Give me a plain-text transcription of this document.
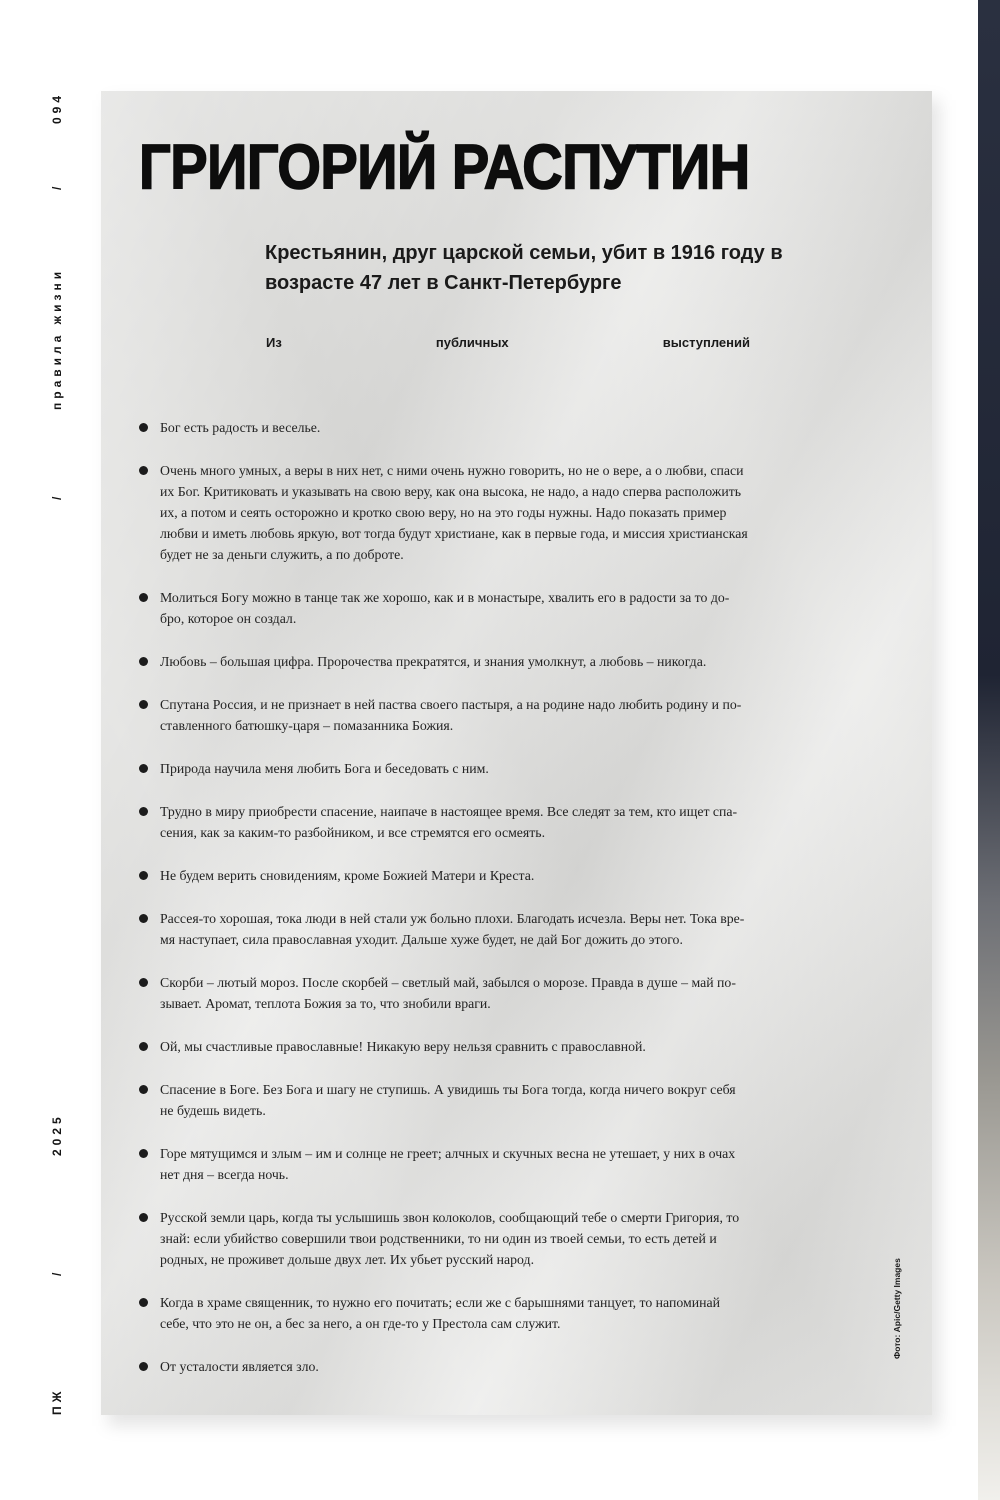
094
/
правила жизни
/
2025
/
ПЖ
ГРИГОРИЙ РАСПУТИН

Крестьянин, друг царской семьи, убит в 1916 году в возрасте 47 лет в Санкт-Петербурге

Из	публичных	выступлений
Бог есть радость и веселье.
Очень много умных, а веры в них нет, с ними очень нужно говорить, но не о вере, а о любви, спаси их Бог. Критиковать и указывать на свою веру, как она высока, не надо, а надо сперва расположить их, а потом и сеять осторожно и кротко свою веру, но на это годы нужны. Надо показать пример любви и иметь любовь яркую, вот тогда будут христиане, как в первые года, и миссия христианская будет не за деньги служить, а по доброте.
Молиться Богу можно в танце так же хорошо, как и в монастыре, хвалить его в радости за то до-бро, которое он создал.
Любовь – большая цифра. Пророчества прекратятся, и знания умолкнут, а любовь – никогда.
Спутана Россия, и не признает в ней паства своего пастыря, а на родине надо любить родину и по-ставленного батюшку-царя – помазанника Божия.
Природа научила меня любить Бога и беседовать с ним.
Трудно в миру приобрести спасение, наипаче в настоящее время. Все следят за тем, кто ищет спа-сения, как за каким-то разбойником, и все стремятся его осмеять.
Не будем верить сновидениям, кроме Божией Матери и Креста.
Рассея-то хорошая, тока люди в ней стали уж больно плохи. Благодать исчезла. Веры нет. Тока вре-мя наступает, сила православная уходит. Дальше хуже будет, не дай Бог дожить до этого.
Скорби – лютый мороз. После скорбей – светлый май, забылся о морозе. Правда в душе – май по-зывает. Аромат, теплота Божия за то, что знобили враги.
Ой, мы счастливые православные! Никакую веру нельзя сравнить с православной.
Спасение в Боге. Без Бога и шагу не ступишь. А увидишь ты Бога тогда, когда ничего вокруг себя не будешь видеть.
Горе мятущимся и злым – им и солнце не греет; алчных и скучных весна не утешает, у них в очах нет дня – всегда ночь.
Русской земли царь, когда ты услышишь звон колоколов, сообщающий тебе о смерти Григория, то знай: если убийство совершили твои родственники, то ни один из твоей семьи, то есть детей и родных, не проживет дольше двух лет. Их убьет русский народ.
Когда в храме священник, то нужно его почитать; если же с барышнями танцует, то напоминай себе, что это не он, а бес за него, а он где-то у Престола сам служит.
От усталости является зло.
Фото: Apic/Getty Images
